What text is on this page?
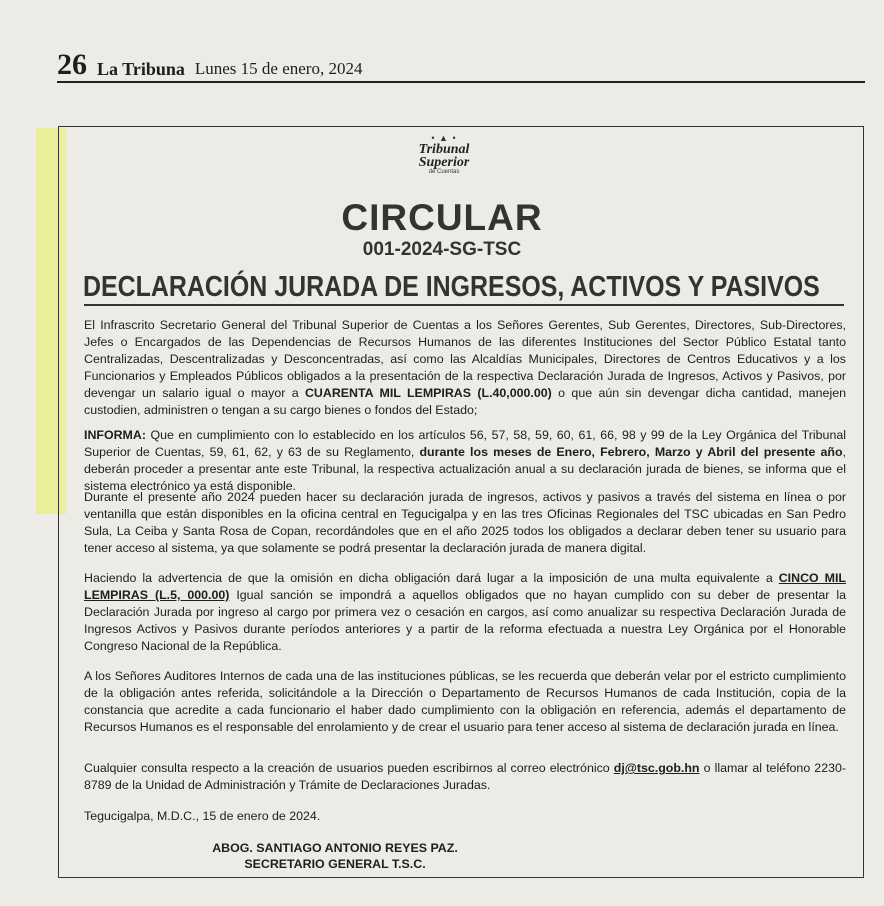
26 La Tribuna Lunes 15 de enero, 2024
• ▲ •
Tribunal
Superior
de Cuentas
CIRCULAR
001-2024-SG-TSC
DECLARACIÓN JURADA DE INGRESOS, ACTIVOS Y PASIVOS

El Infrascrito Secretario General del Tribunal Superior de Cuentas a los Señores Gerentes, Sub Gerentes, Directores, Sub-Directores, Jefes o Encargados de las Dependencias de Recursos Humanos de las diferentes Instituciones del Sector Público Estatal tanto Centralizadas, Descentralizadas y Desconcentradas, así como las Alcaldías Municipales, Directores de Centros Educativos y a los Funcionarios y Empleados Públicos obligados a la presentación de la respectiva Declaración Jurada de Ingresos, Activos y Pasivos, por devengar un salario igual o mayor a CUARENTA MIL LEMPIRAS (L.40,000.00) o que aún sin devengar dicha cantidad, manejen custodien, administren o tengan a su cargo bienes o fondos del Estado;

INFORMA: Que en cumplimiento con lo establecido en los artículos 56, 57, 58, 59, 60, 61, 66, 98 y 99 de la Ley Orgánica del Tribunal Superior de Cuentas, 59, 61, 62, y 63 de su Reglamento, durante los meses de Enero, Febrero, Marzo y Abril del presente año, deberán proceder a presentar ante este Tribunal, la respectiva actualización anual a su declaración jurada de bienes, se informa que el sistema electrónico ya está disponible.

Durante el presente año 2024 pueden hacer su declaración jurada de ingresos, activos y pasivos a través del sistema en línea o por ventanilla que están disponibles en la oficina central en Tegucigalpa y en las tres Oficinas Regionales del TSC ubicadas en San Pedro Sula, La Ceiba y Santa Rosa de Copan, recordándoles que en el año 2025 todos los obligados a declarar deben tener su usuario para tener acceso al sistema, ya que solamente se podrá presentar la declaración jurada de manera digital.

Haciendo la advertencia de que la omisión en dicha obligación dará lugar a la imposición de una multa equivalente a CINCO MIL LEMPIRAS (L.5, 000.00) Igual sanción se impondrá a aquellos obligados que no hayan cumplido con su deber de presentar la Declaración Jurada por ingreso al cargo por primera vez o cesación en cargos, así como anualizar su respectiva Declaración Jurada de Ingresos Activos y Pasivos durante períodos anteriores y a partir de la reforma efectuada a nuestra Ley Orgánica por el Honorable Congreso Nacional de la República.

A los Señores Auditores Internos de cada una de las instituciones públicas, se les recuerda que deberán velar por el estricto cumplimiento de la obligación antes referida, solicitándole a la Dirección o Departamento de Recursos Humanos de cada Institución, copia de la constancia que acredite a cada funcionario el haber dado cumplimiento con la obligación en referencia, además el departamento de Recursos Humanos es el responsable del enrolamiento y de crear el usuario para tener acceso al sistema de declaración jurada en línea.

Cualquier consulta respecto a la creación de usuarios pueden escribirnos al correo electrónico dj@tsc.gob.hn o llamar al teléfono 2230-8789 de la Unidad de Administración y Trámite de Declaraciones Juradas.

Tegucigalpa, M.D.C., 15 de enero de 2024.

ABOG. SANTIAGO ANTONIO REYES PAZ.
SECRETARIO GENERAL T.S.C.
